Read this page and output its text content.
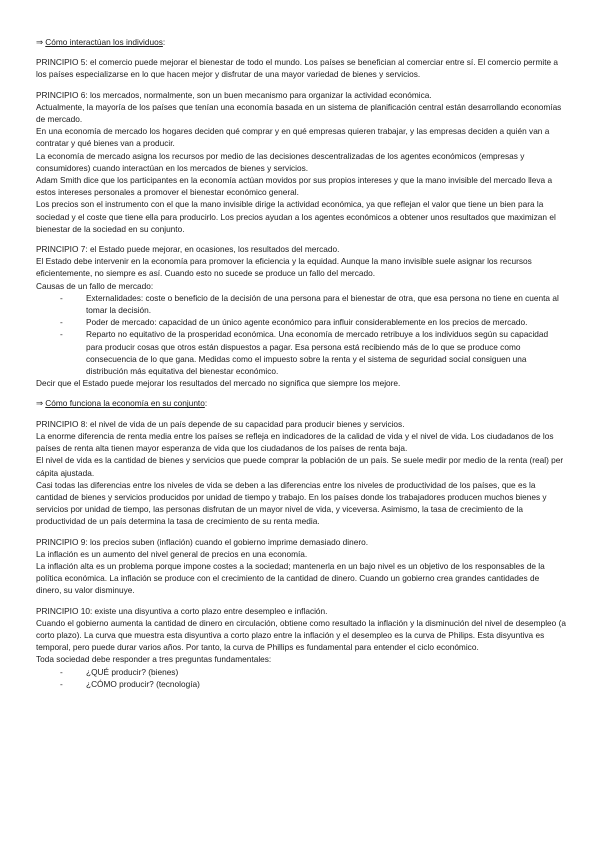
⇒ Cómo interactúan los individuos:

PRINCIPIO 5: el comercio puede mejorar el bienestar de todo el mundo. Los países se benefician al comerciar entre sí. El comercio permite a los países especializarse en lo que hacen mejor y disfrutar de una mayor variedad de bienes y servicios.

PRINCIPIO 6: los mercados, normalmente, son un buen mecanismo para organizar la actividad económica.

Actualmente, la mayoría de los países que tenían una economía basada en un sistema de planificación central están desarrollando economías de mercado.

En una economía de mercado los hogares deciden qué comprar y en qué empresas quieren trabajar, y las empresas deciden a quién van a contratar y qué bienes van a producir.

La economía de mercado asigna los recursos por medio de las decisiones descentralizadas de los agentes económicos (empresas y consumidores) cuando interactúan en los mercados de bienes y servicios.

Adam Smith dice que los participantes en la economía actúan movidos por sus propios intereses y que la mano invisible del mercado lleva a estos intereses personales a promover el bienestar económico general.

Los precios son el instrumento con el que la mano invisible dirige la actividad económica, ya que reflejan el valor que tiene un bien para la sociedad y el coste que tiene ella para producirlo. Los precios ayudan a los agentes económicos a obtener unos resultados que maximizan el bienestar de la sociedad en su conjunto.

PRINCIPIO 7: el Estado puede mejorar, en ocasiones, los resultados del mercado.

El Estado debe intervenir en la economía para promover la eficiencia y la equidad. Aunque la mano invisible suele asignar los recursos eficientemente, no siempre es así. Cuando esto no sucede se produce un fallo del mercado.

Causas de un fallo de mercado:

-	Externalidades: coste o beneficio de la decisión de una persona para el bienestar de otra, que esa persona no tiene en cuenta al tomar la decisión.
-	Poder de mercado: capacidad de un único agente económico para influir considerablemente en los precios de mercado.
-	Reparto no equitativo de la prosperidad económica. Una economía de mercado retribuye a los individuos según su capacidad para producir cosas que otros están dispuestos a pagar. Esa persona está recibiendo más de lo que se produce como consecuencia de lo que gana. Medidas como el impuesto sobre la renta y el sistema de seguridad social consiguen una distribución más equitativa del bienestar económico.

Decir que el Estado puede mejorar los resultados del mercado no significa que siempre los mejore.

⇒ Cómo funciona la economía en su conjunto:

PRINCIPIO 8: el nivel de vida de un país depende de su capacidad para producir bienes y servicios.

La enorme diferencia de renta media entre los países se refleja en indicadores de la calidad de vida y el nivel de vida. Los ciudadanos de los países de renta alta tienen mayor esperanza de vida que los ciudadanos de los países de renta baja.

El nivel de vida es la cantidad de bienes y servicios que puede comprar la población de un país. Se suele medir por medio de la renta (real) per cápita ajustada.

Casi todas las diferencias entre los niveles de vida se deben a las diferencias entre los niveles de productividad de los países, que es la cantidad de bienes y servicios producidos por unidad de tiempo y trabajo. En los países donde los trabajadores producen muchos bienes y servicios por unidad de tiempo, las personas disfrutan de un mayor nivel de vida, y viceversa. Asimismo, la tasa de crecimiento de la productividad de un país determina la tasa de crecimiento de su renta media.

PRINCIPIO 9: los precios suben (inflación) cuando el gobierno imprime demasiado dinero.

La inflación es un aumento del nivel general de precios en una economía.

La inflación alta es un problema porque impone costes a la sociedad; mantenerla en un bajo nivel es un objetivo de los responsables de la política económica. La inflación se produce con el crecimiento de la cantidad de dinero. Cuando un gobierno crea grandes cantidades de dinero, su valor disminuye.

PRINCIPIO 10: existe una disyuntiva a corto plazo entre desempleo e inflación.

Cuando el gobierno aumenta la cantidad de dinero en circulación, obtiene como resultado la inflación y la disminución del nivel de desempleo (a corto plazo). La curva que muestra esta disyuntiva a corto plazo entre la inflación y el desempleo es la curva de Philips. Esta disyuntiva es temporal, pero puede durar varios años. Por tanto, la curva de Phillips es fundamental para entender el ciclo económico.

Toda sociedad debe responder a tres preguntas fundamentales:

-	¿QUÉ producir? (bienes)
-	¿CÓMO producir? (tecnología)
